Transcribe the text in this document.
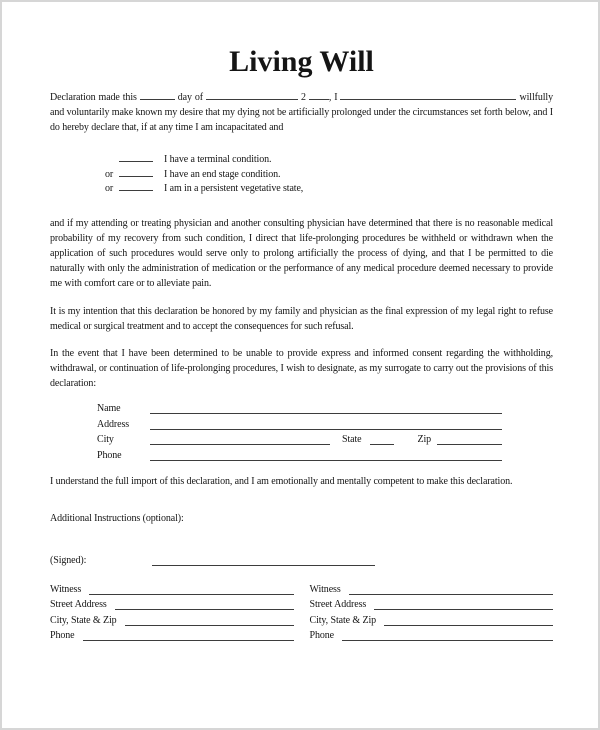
Living Will

Declaration made this	day of	2 , I	willfully and voluntarily make known my desire that my dying not be artificially prolonged under the circumstances set forth below, and I do hereby declare that, if at any time I am incapacitated and

I have a terminal condition.
or	I have an end stage condition.
or	I am in a persistent vegetative state,

and if my attending or treating physician and another consulting physician have determined that there is no reasonable medical probability of my recovery from such condition, I direct that life-prolonging procedures be withheld or withdrawn when the application of such procedures would serve only to prolong artificially the process of dying, and that I be permitted to die naturally with only the administration of medication or the performance of any medical procedure deemed necessary to provide me with comfort care or to alleviate pain.

It is my intention that this declaration be honored by my family and physician as the final expression of my legal right to refuse medical or surgical treatment and to accept the consequences for such refusal.

In the event that I have been determined to be unable to provide express and informed consent regarding the withholding, withdrawal, or continuation of life-prolonging procedures, I wish to designate, as my surrogate to carry out the provisions of this declaration:

Name
Address
City	State	Zip
Phone

I understand the full import of this declaration, and I am emotionally and mentally competent to make this declaration.

Additional Instructions (optional):

(Signed):
Witness
Street Address
City, State & Zip
Phone
Witness
Street Address
City, State & Zip
Phone
